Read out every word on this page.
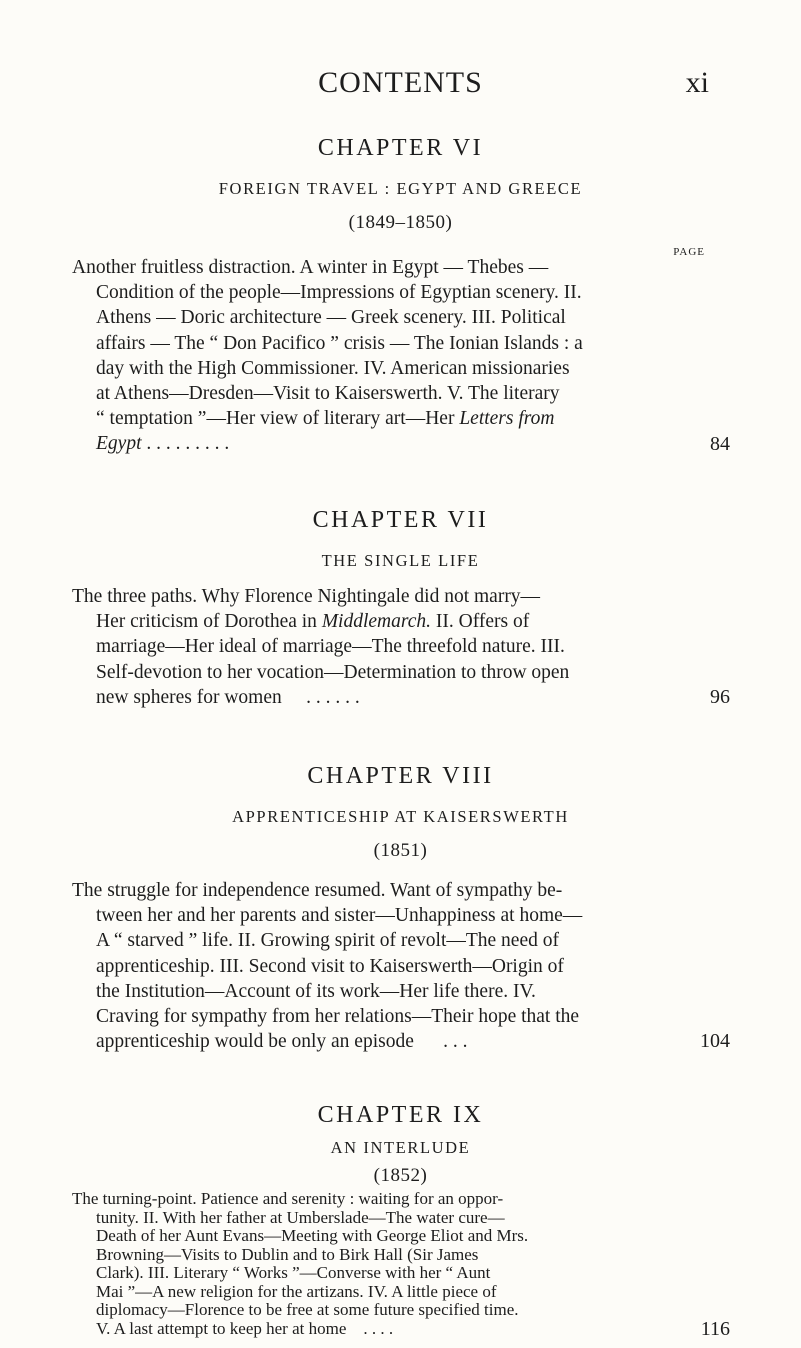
CONTENTS	xi
CHAPTER VI
FOREIGN TRAVEL : EGYPT AND GREECE
(1849–1850)
PAGE
Another fruitless distraction. A winter in Egypt — Thebes —
Condition of the people—Impressions of Egyptian scenery. II.
Athens — Doric architecture — Greek scenery. III. Political
affairs — The “ Don Pacifico ” crisis — The Ionian Islands : a
day with the High Commissioner. IV. American missionaries
at Athens—Dresden—Visit to Kaiserswerth. V. The literary
“ temptation ”—Her view of literary art—Her Letters from
Egypt . . . . . . . . .	84
CHAPTER VII
THE SINGLE LIFE
The three paths. Why Florence Nightingale did not marry—
Her criticism of Dorothea in Middlemarch. II. Offers of
marriage—Her ideal of marriage—The threefold nature. III.
Self-devotion to her vocation—Determination to throw open
new spheres for women . . . . . .	96
CHAPTER VIII
APPRENTICESHIP AT KAISERSWERTH
(1851)
The struggle for independence resumed. Want of sympathy be-
tween her and her parents and sister—Unhappiness at home—
A “ starved ” life. II. Growing spirit of revolt—The need of
apprenticeship. III. Second visit to Kaiserswerth—Origin of
the Institution—Account of its work—Her life there. IV.
Craving for sympathy from her relations—Their hope that the
apprenticeship would be only an episode . . .	104
CHAPTER IX
AN INTERLUDE
(1852)
The turning-point. Patience and serenity : waiting for an oppor-
tunity. II. With her father at Umberslade—The water cure—
Death of her Aunt Evans—Meeting with George Eliot and Mrs.
Browning—Visits to Dublin and to Birk Hall (Sir James
Clark). III. Literary “ Works ”—Converse with her “ Aunt
Mai ”—A new religion for the artizans. IV. A little piece of
diplomacy—Florence to be free at some future specified time.
V. A last attempt to keep her at home . . . .	116
